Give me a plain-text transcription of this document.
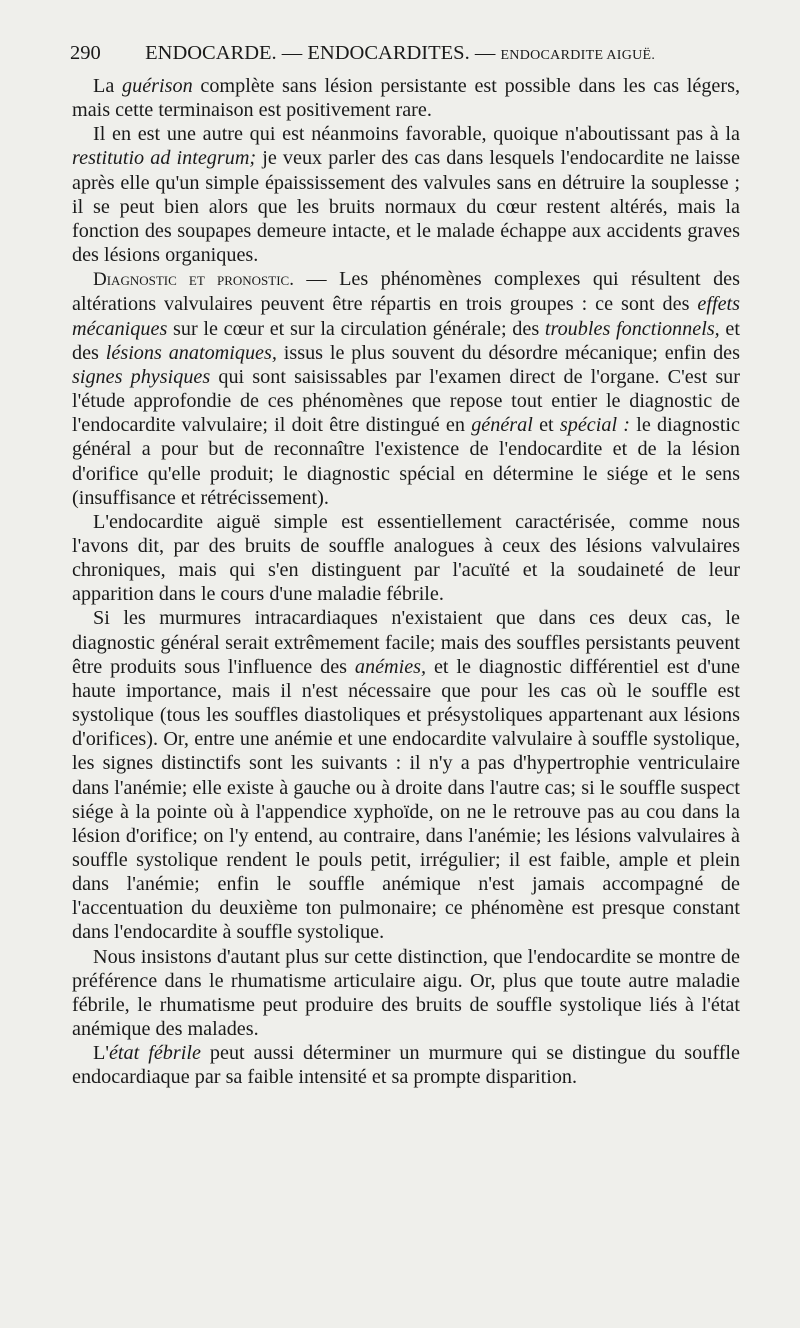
290 ENDOCARDE. — ENDOCARDITES. — ENDOCARDITE AIGUË.

La guérison complète sans lésion persistante est possible dans les cas légers, mais cette terminaison est positivement rare.

Il en est une autre qui est néanmoins favorable, quoique n'aboutissant pas à la restitutio ad integrum; je veux parler des cas dans lesquels l'endocardite ne laisse après elle qu'un simple épaississement des valvules sans en détruire la souplesse ; il se peut bien alors que les bruits normaux du cœur restent altérés, mais la fonction des soupapes demeure intacte, et le malade échappe aux accidents graves des lésions organiques.

Diagnostic et pronostic. — Les phénomènes complexes qui résultent des altérations valvulaires peuvent être répartis en trois groupes : ce sont des effets mécaniques sur le cœur et sur la circulation générale; des troubles fonctionnels, et des lésions anatomiques, issus le plus souvent du désordre mécanique; enfin des signes physiques qui sont saisissables par l'examen direct de l'organe. C'est sur l'étude approfondie de ces phénomènes que repose tout entier le diagnostic de l'endocardite valvulaire; il doit être distingué en général et spécial : le diagnostic général a pour but de reconnaître l'existence de l'endocardite et de la lésion d'orifice qu'elle produit; le diagnostic spécial en détermine le siége et le sens (insuffisance et rétrécissement).

L'endocardite aiguë simple est essentiellement caractérisée, comme nous l'avons dit, par des bruits de souffle analogues à ceux des lésions valvulaires chroniques, mais qui s'en distinguent par l'acuïté et la soudaineté de leur apparition dans le cours d'une maladie fébrile.

Si les murmures intracardiaques n'existaient que dans ces deux cas, le diagnostic général serait extrêmement facile; mais des souffles persistants peuvent être produits sous l'influence des anémies, et le diagnostic différentiel est d'une haute importance, mais il n'est nécessaire que pour les cas où le souffle est systolique (tous les souffles diastoliques et présystoliques appartenant aux lésions d'orifices). Or, entre une anémie et une endocardite valvulaire à souffle systolique, les signes distinctifs sont les suivants : il n'y a pas d'hypertrophie ventriculaire dans l'anémie; elle existe à gauche ou à droite dans l'autre cas; si le souffle suspect siége à la pointe où à l'appendice xyphoïde, on ne le retrouve pas au cou dans la lésion d'orifice; on l'y entend, au contraire, dans l'anémie; les lésions valvulaires à souffle systolique rendent le pouls petit, irrégulier; il est faible, ample et plein dans l'anémie; enfin le souffle anémique n'est jamais accompagné de l'accentuation du deuxième ton pulmonaire; ce phénomène est presque constant dans l'endocardite à souffle systolique.

Nous insistons d'autant plus sur cette distinction, que l'endocardite se montre de préférence dans le rhumatisme articulaire aigu. Or, plus que toute autre maladie fébrile, le rhumatisme peut produire des bruits de souffle systolique liés à l'état anémique des malades.

L'état fébrile peut aussi déterminer un murmure qui se distingue du souffle endocardiaque par sa faible intensité et sa prompte disparition.
